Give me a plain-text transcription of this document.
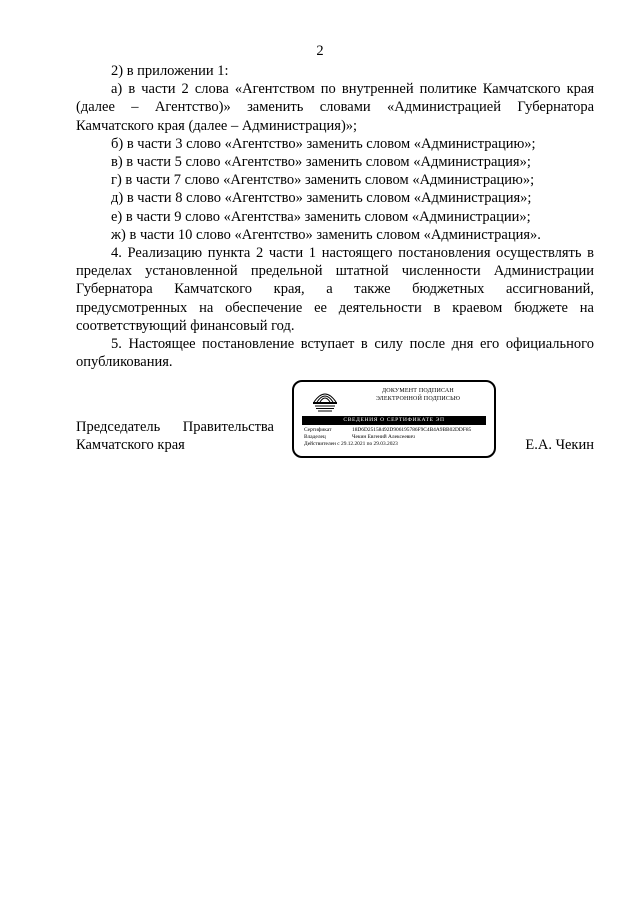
2

2) в приложении 1:

а) в части 2 слова «Агентством по внутренней политике Камчатского края (далее – Агентство)» заменить словами «Администрацией Губернатора Камчатского края (далее – Администрация)»;

б) в части 3 слово «Агентство» заменить словом «Администрацию»;

в) в части 5 слово «Агентство» заменить словом «Администрация»;

г) в части 7 слово «Агентство» заменить словом «Администрацию»;

д) в части 8 слово «Агентство» заменить словом «Администрация»;

е) в части 9 слово «Агентства» заменить словом «Администрации»;

ж) в части 10 слово «Агентство» заменить словом «Администрация».

4. Реализацию пункта 2 части 1 настоящего постановления осуществлять в пределах установленной предельной штатной численности Администрации Губернатора Камчатского края, а также бюджетных ассигнований, предусмотренных на обеспечение ее деятельности в краевом бюджете на соответствующий финансовый год.

5. Настоящее постановление вступает в силу после дня его официального опубликования.

Председатель Правительства
Камчатского края
ДОКУМЕНТ ПОДПИСАН
ЭЛЕКТРОННОЙ ПОДПИСЬЮ
СВЕДЕНИЯ О СЕРТИФИКАТЕ ЭП
Сертификат	18D6D25158492D906195786F9C4B4A9BB02DDF85
Владелец	Чекин Евгений Алексеевич
Действителен с 29.12.2021 по 29.03.2023	Е.А. Чекин
